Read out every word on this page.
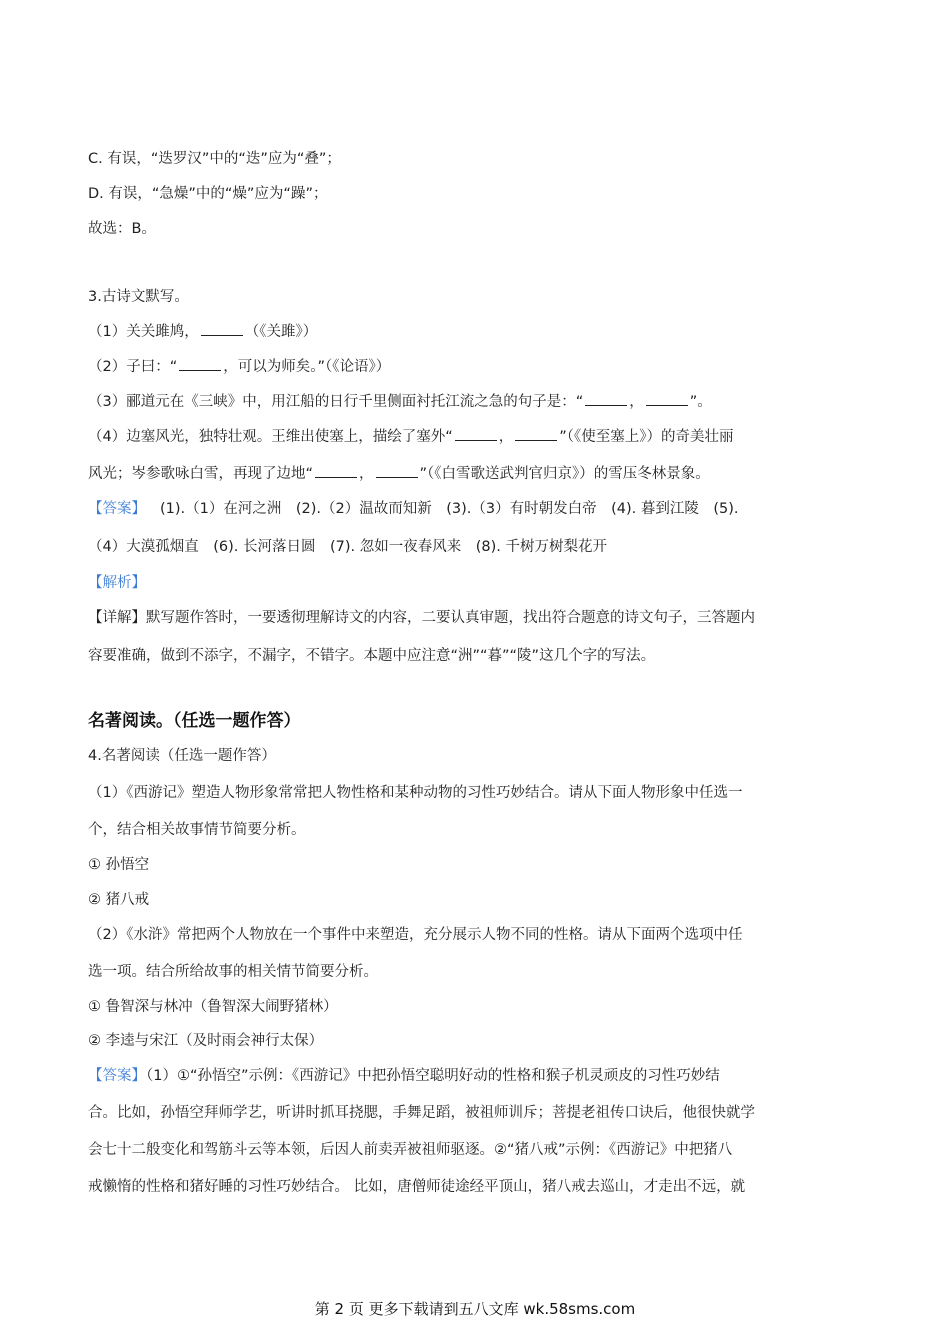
C. 有误，“迭罗汉”中的“迭”应为“叠”；
D. 有误，“急燥”中的“燥”应为“躁”；
故选：B。
3.古诗文默写。
（1）关关雎鸠，	（《关雎》）
（2）子曰：“	，可以为师矣。”（《论语》）
（3）郦道元在《三峡》中，用江船的日行千里侧面衬托江流之急的句子是：“	，	”。
（4）边塞风光，独特壮观。王维出使塞上，描绘了塞外“	，	”（《使至塞上》）的奇美壮丽
风光；岑参歌咏白雪，再现了边地“	，	”（《白雪歌送武判官归京》）的雪压冬林景象。
【答案】 (1).（1）在河之洲　(2).（2）温故而知新　(3).（3）有时朝发白帝　(4). 暮到江陵　(5).
（4）大漠孤烟直　(6). 长河落日圆　(7). 忽如一夜春风来　(8). 千树万树梨花开
【解析】
【详解】默写题作答时，一要透彻理解诗文的内容，二要认真审题，找出符合题意的诗文句子，三答题内
容要准确，做到不添字，不漏字，不错字。本题中应注意“洲”“暮”“陵”这几个字的写法。
名著阅读。（任选一题作答）
4.名著阅读（任选一题作答）
（1）《西游记》塑造人物形象常常把人物性格和某种动物的习性巧妙结合。请从下面人物形象中任选一
个，结合相关故事情节简要分析。
① 孙悟空
② 猪八戒
（2）《水浒》常把两个人物放在一个事件中来塑造，充分展示人物不同的性格。请从下面两个选项中任
选一项。结合所给故事的相关情节简要分析。
① 鲁智深与林冲（鲁智深大闹野猪林）
② 李逵与宋江（及时雨会神行太保）
【答案】（1）①“孙悟空”示例：《西游记》中把孙悟空聪明好动的性格和猴子机灵顽皮的习性巧妙结
合。比如，孙悟空拜师学艺，听讲时抓耳挠腮，手舞足蹈，被祖师训斥；菩提老祖传口诀后，他很快就学
会七十二般变化和驾筋斗云等本领，后因人前卖弄被祖师驱逐。②“猪八戒”示例：《西游记》中把猪八
戒懒惰的性格和猪好睡的习性巧妙结合。 比如，唐僧师徒途经平顶山，猪八戒去巡山，才走出不远，就
第 2 页 更多下载请到五八文库 wk.58sms.com
